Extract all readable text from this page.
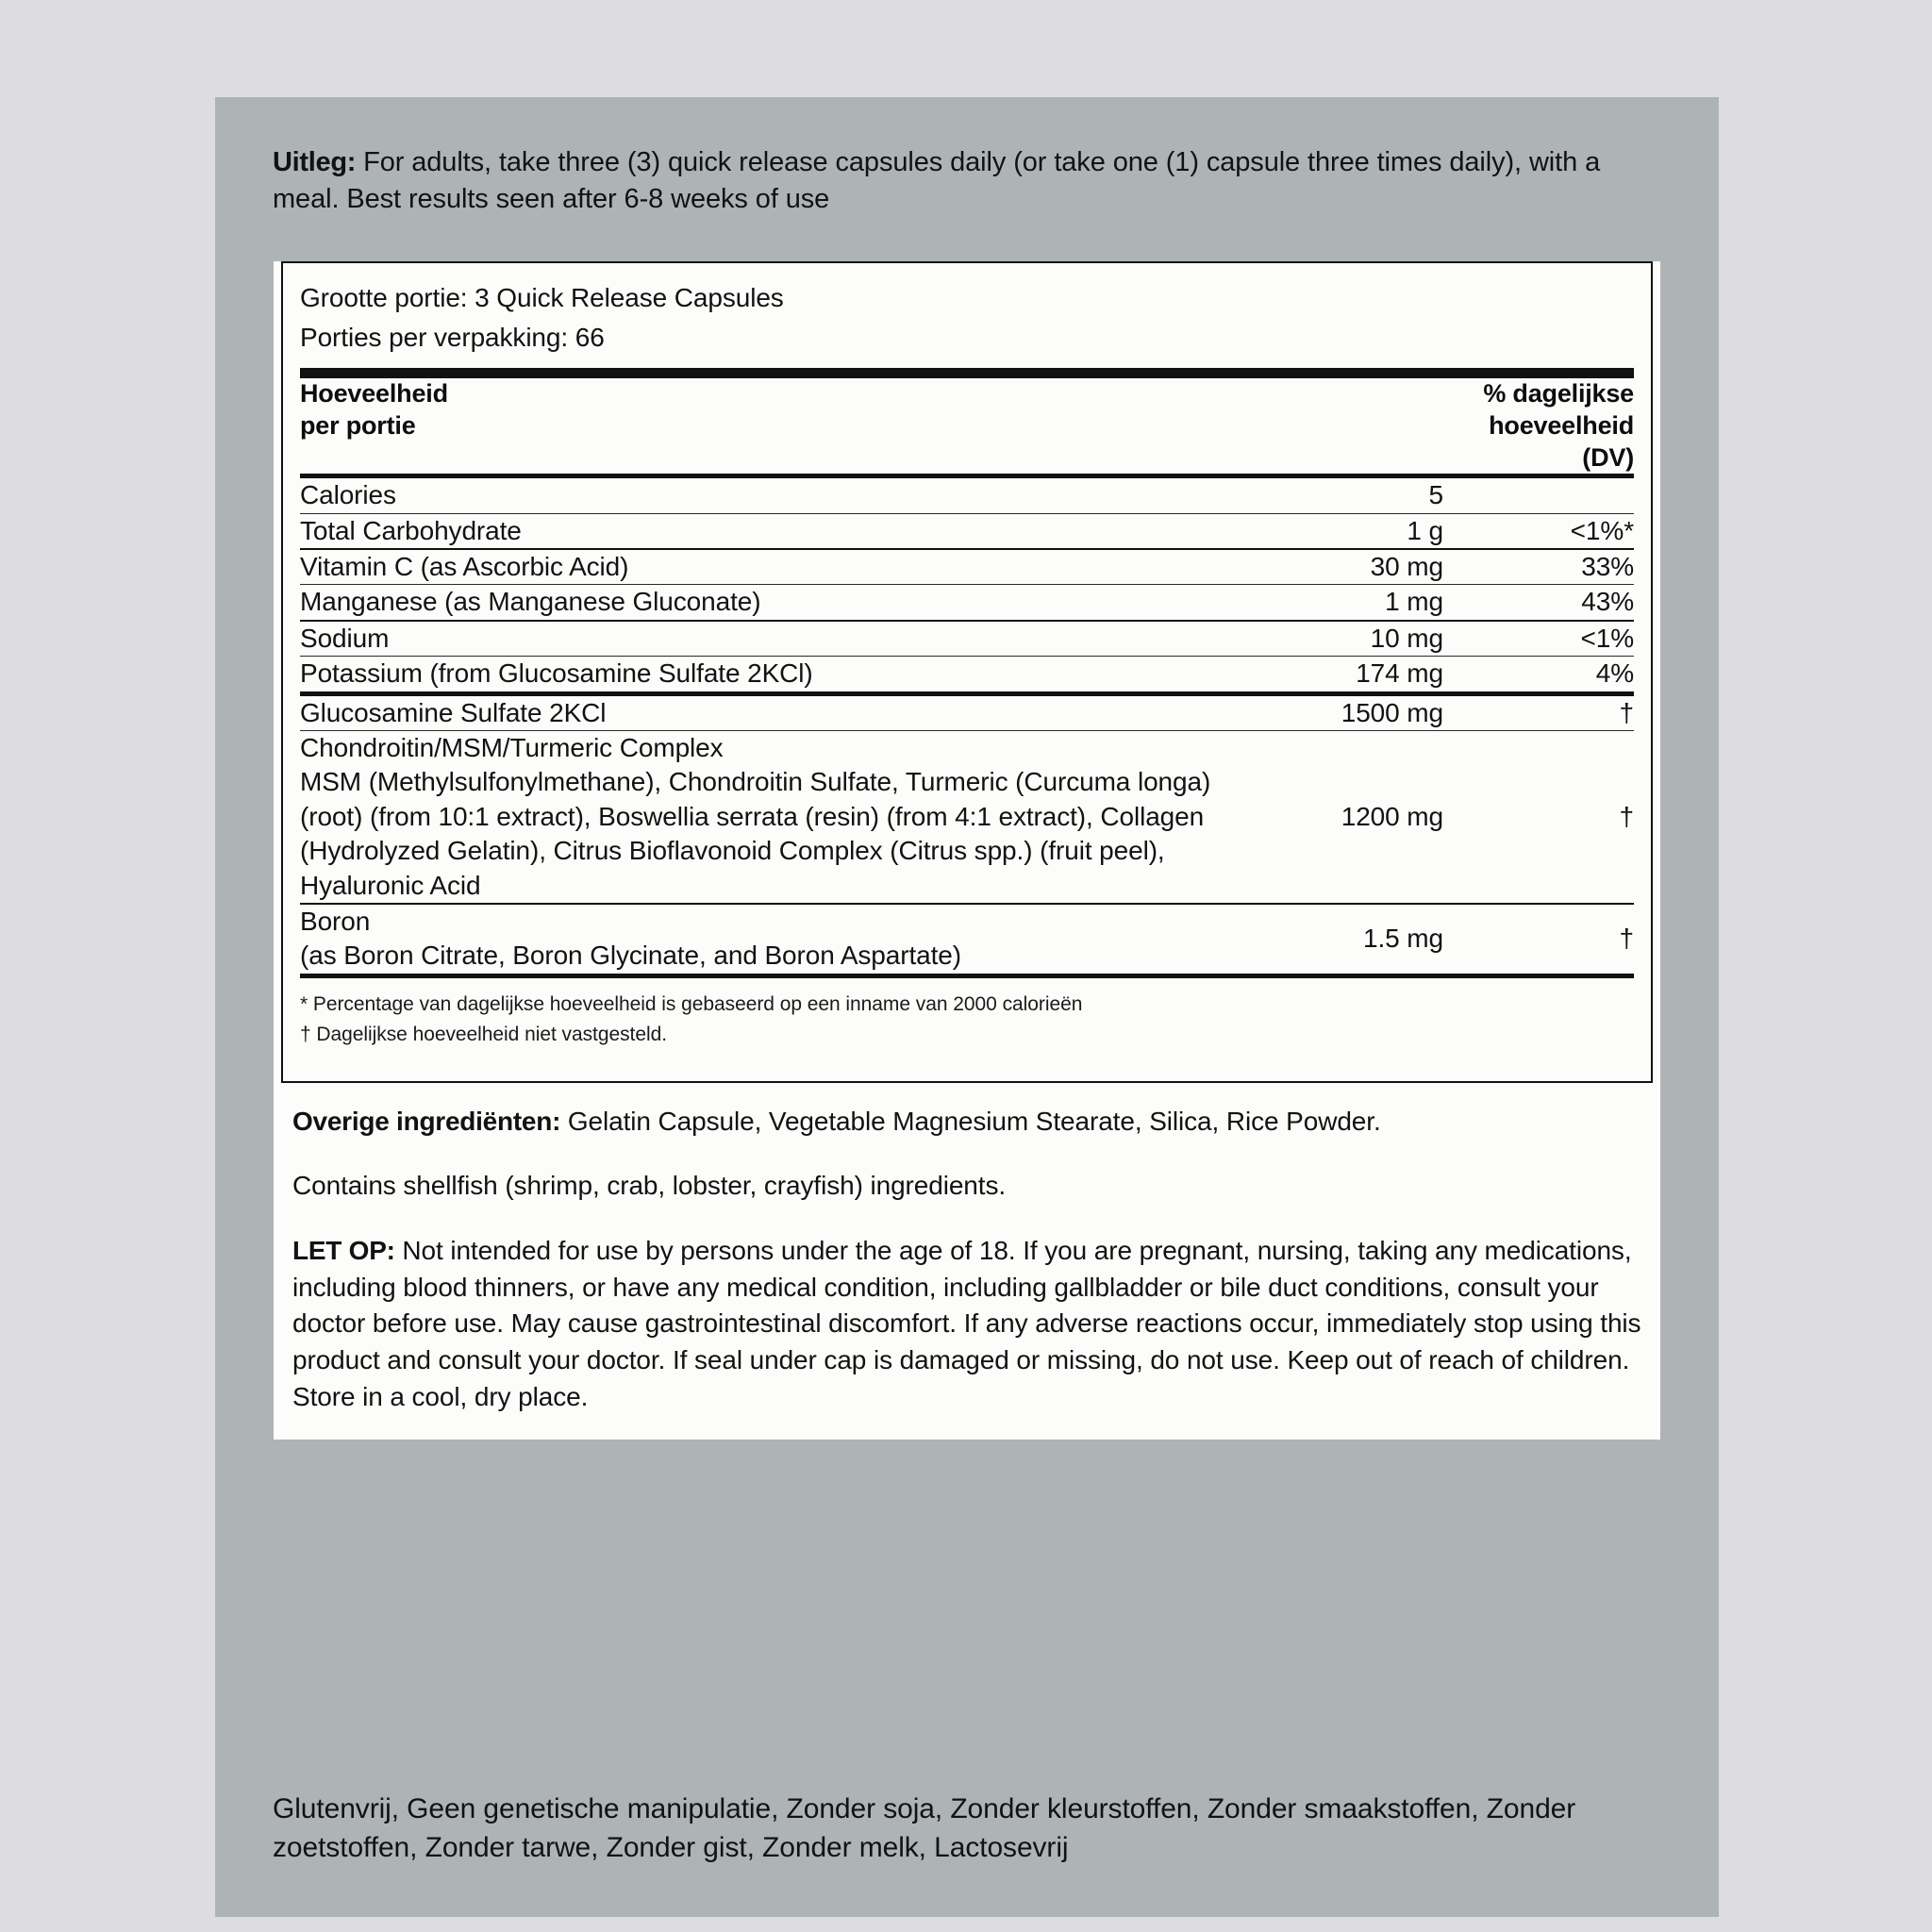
Uitleg: For adults, take three (3) quick release capsules daily (or take one (1) capsule three times daily), with a meal. Best results seen after 6-8 weeks of use
Grootte portie: 3 Quick Release Capsules
Porties per verpakking: 66
Hoeveelheid
per portie

% dagelijkse
hoeveelheid
(DV)
Calories	5	
Total Carbohydrate	1 g	<1%*
Vitamin C (as Ascorbic Acid)	30 mg	33%
Manganese (as Manganese Gluconate)	1 mg	43%
Sodium	10 mg	<1%
Potassium (from Glucosamine Sulfate 2KCl)	174 mg	4%
Glucosamine Sulfate 2KCl	1500 mg	†

Chondroitin/MSM/Turmeric Complex
MSM (Methylsulfonylmethane), Chondroitin Sulfate, Turmeric (Curcuma longa)
(root) (from 10:1 extract), Boswellia serrata (resin) (from 4:1 extract), Collagen
(Hydrolyzed Gelatin), Citrus Bioflavonoid Complex (Citrus spp.) (fruit peel),
Hyaluronic Acid	1200 mg	†

Boron
(as Boron Citrate, Boron Glycinate, and Boron Aspartate)	1.5 mg	†
* Percentage van dagelijkse hoeveelheid is gebaseerd op een inname van 2000 calorieën
† Dagelijkse hoeveelheid niet vastgesteld.

Overige ingrediënten: Gelatin Capsule, Vegetable Magnesium Stearate, Silica, Rice Powder.

Contains shellfish (shrimp, crab, lobster, crayfish) ingredients.

LET OP: Not intended for use by persons under the age of 18. If you are pregnant, nursing, taking any medications, including blood thinners, or have any medical condition, including gallbladder or bile duct conditions, consult your doctor before use. May cause gastrointestinal discomfort. If any adverse reactions occur, immediately stop using this product and consult your doctor. If seal under cap is damaged or missing, do not use. Keep out of reach of children. Store in a cool, dry place.

Glutenvrij, Geen genetische manipulatie, Zonder soja, Zonder kleurstoffen, Zonder smaakstoffen, Zonder zoetstoffen, Zonder tarwe, Zonder gist, Zonder melk, Lactosevrij
